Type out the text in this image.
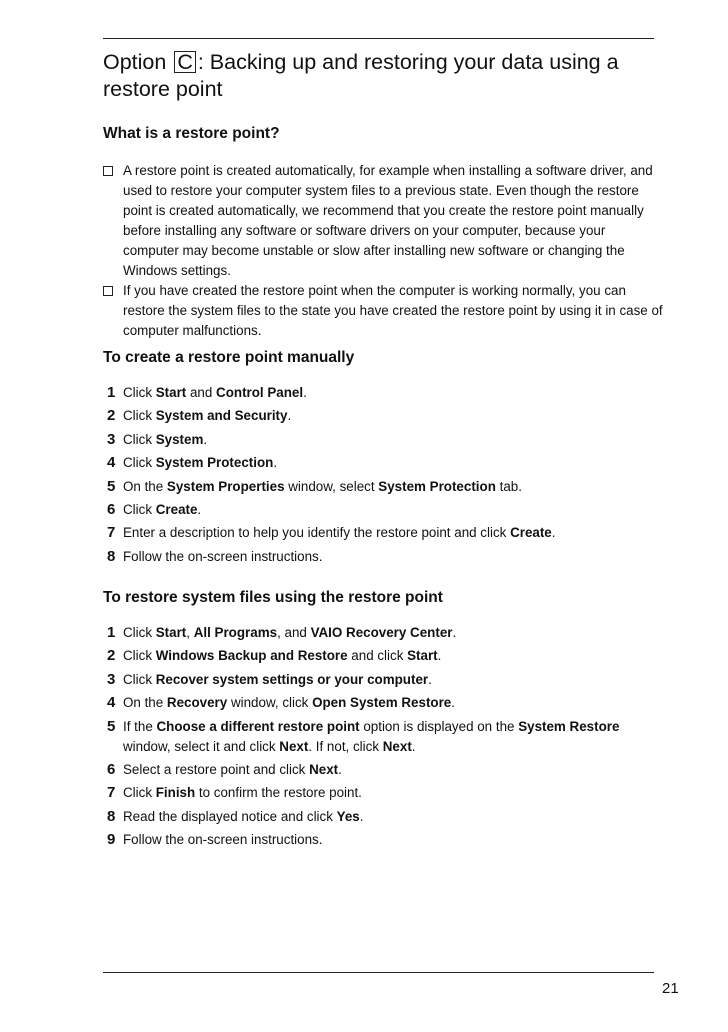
Option C : Backing up and restoring your data using a restore point
What is a restore point?
A restore point is created automatically, for example when installing a software driver, and used to restore your computer system files to a previous state. Even though the restore point is created automatically, we recommend that you create the restore point manually before installing any software or software drivers on your computer, because your computer may become unstable or slow after installing new software or changing the Windows settings.
If you have created the restore point when the computer is working normally, you can restore the system files to the state you have created the restore point by using it in case of computer malfunctions.
To create a restore point manually
1 Click Start and Control Panel.
2 Click System and Security.
3 Click System.
4 Click System Protection.
5 On the System Properties window, select System Protection tab.
6 Click Create.
7 Enter a description to help you identify the restore point and click Create.
8 Follow the on-screen instructions.
To restore system files using the restore point
1 Click Start, All Programs, and VAIO Recovery Center.
2 Click Windows Backup and Restore and click Start.
3 Click Recover system settings or your computer.
4 On the Recovery window, click Open System Restore.
5 If the Choose a different restore point option is displayed on the System Restore window, select it and click Next. If not, click Next.
6 Select a restore point and click Next.
7 Click Finish to confirm the restore point.
8 Read the displayed notice and click Yes.
9 Follow the on-screen instructions.
21
